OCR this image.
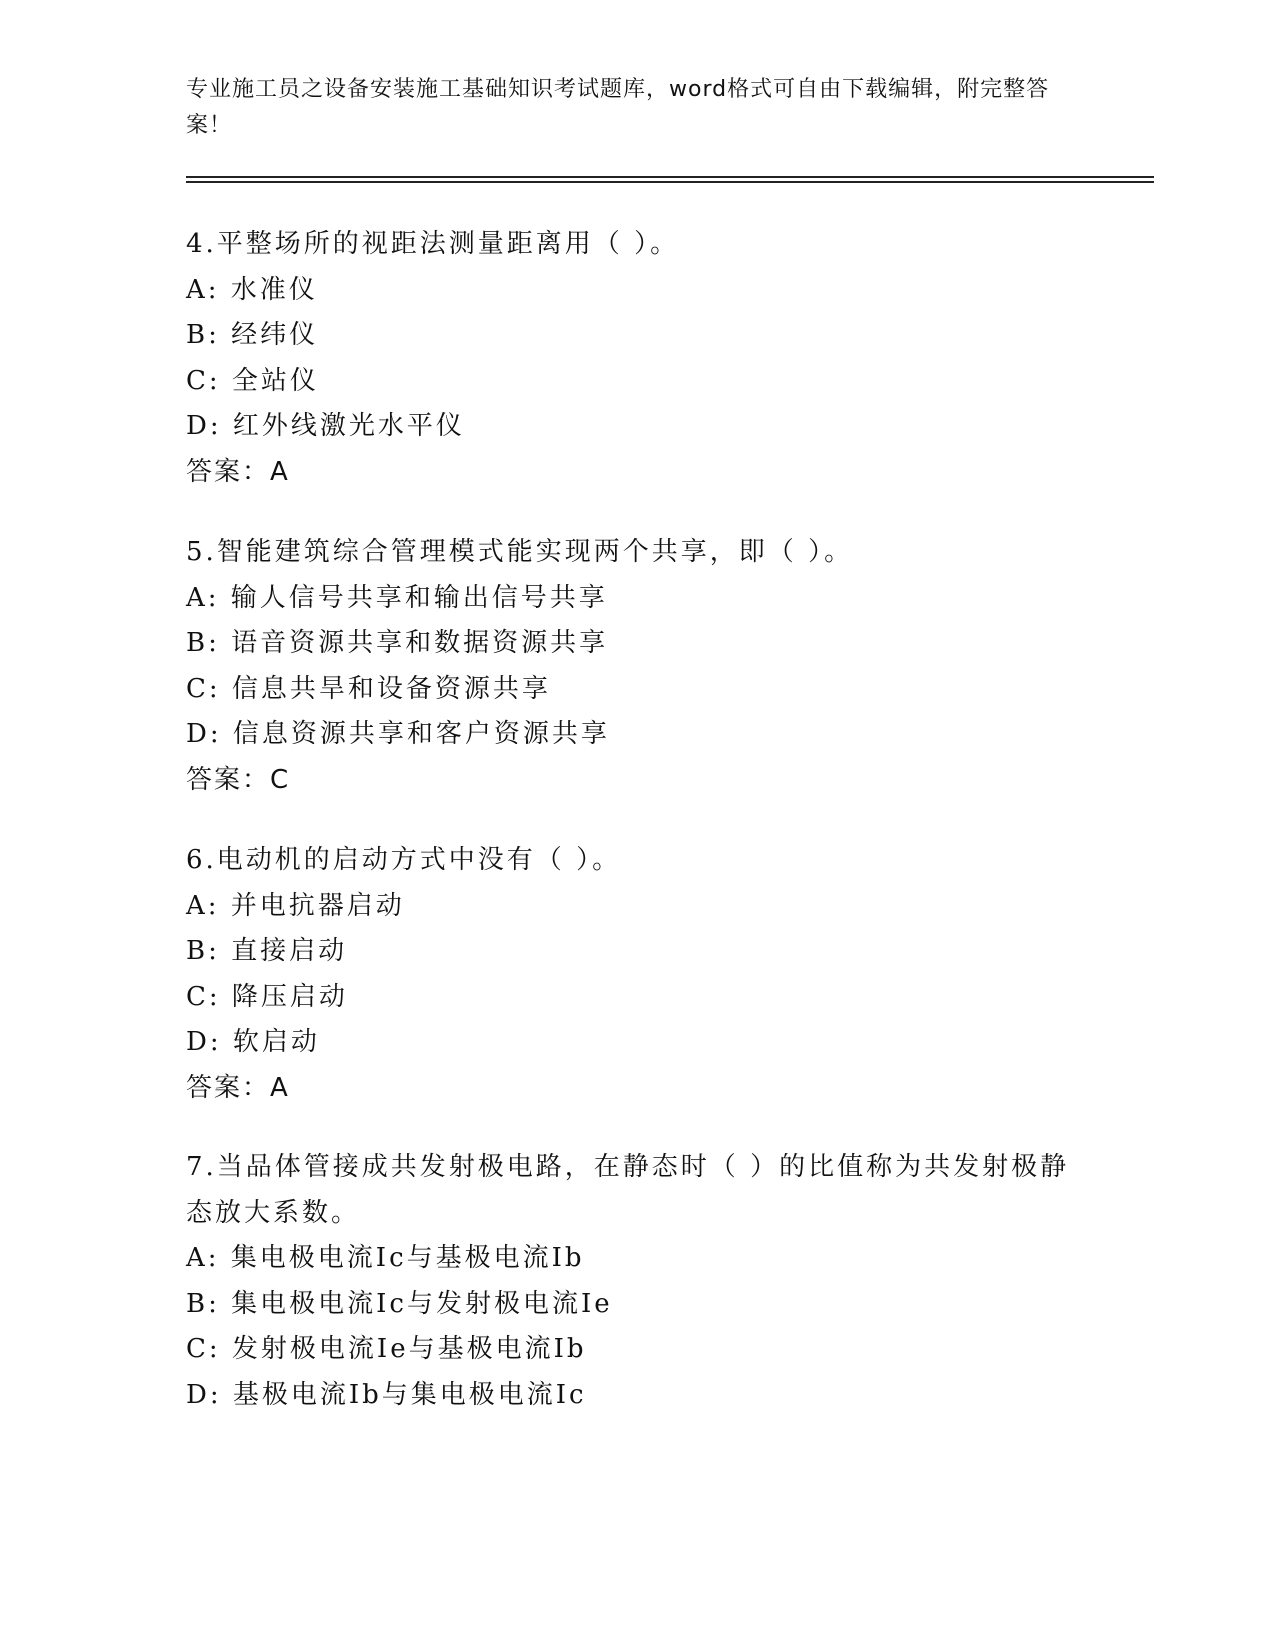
专业施工员之设备安装施工基础知识考试题库，word格式可自由下载编辑，附完整答案！
4.平整场所的视距法测量距离用（ ）。
A: 水准仪
B: 经纬仪
C: 全站仪
D: 红外线激光水平仪
答案：A
5.智能建筑综合管理模式能实现两个共享，即（ ）。
A: 输人信号共享和输出信号共享
B: 语音资源共享和数据资源共享
C: 信息共旱和设备资源共享
D: 信息资源共享和客户资源共享
答案：C
6.电动机的启动方式中没有（ ）。
A: 并电抗器启动
B: 直接启动
C: 降压启动
D: 软启动
答案：A
7.当品体管接成共发射极电路，在静态时（ ）的比值称为共发射极静态放大系数。
A: 集电极电流Ic与基极电流Ib
B: 集电极电流Ic与发射极电流Ie
C: 发射极电流Ie与基极电流Ib
D: 基极电流Ib与集电极电流Ic
